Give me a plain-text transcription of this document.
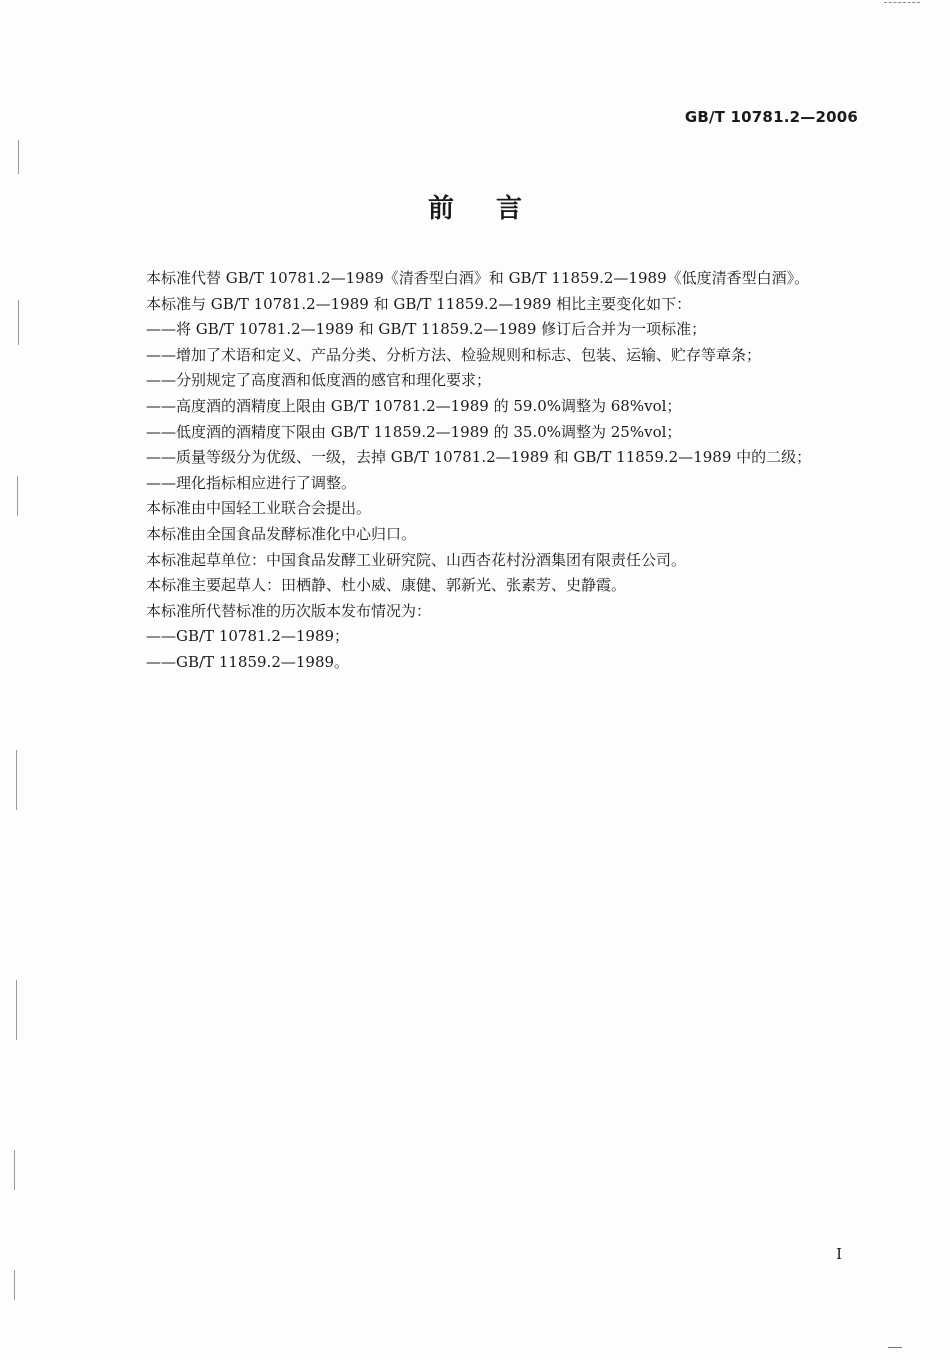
GB/T 10781.2—2006
前言
本标准代替 GB/T 10781.2—1989《清香型白酒》和 GB/T 11859.2—1989《低度清香型白酒》。
本标准与 GB/T 10781.2—1989 和 GB/T 11859.2—1989 相比主要变化如下：
——将 GB/T 10781.2—1989 和 GB/T 11859.2—1989 修订后合并为一项标准；
——增加了术语和定义、产品分类、分析方法、检验规则和标志、包装、运输、贮存等章条；
——分别规定了高度酒和低度酒的感官和理化要求；
——高度酒的酒精度上限由 GB/T 10781.2—1989 的 59.0%调整为 68%vol；
——低度酒的酒精度下限由 GB/T 11859.2—1989 的 35.0%调整为 25%vol；
——质量等级分为优级、一级，去掉 GB/T 10781.2—1989 和 GB/T 11859.2—1989 中的二级；
——理化指标相应进行了调整。
本标准由中国轻工业联合会提出。
本标准由全国食品发酵标准化中心归口。
本标准起草单位：中国食品发酵工业研究院、山西杏花村汾酒集团有限责任公司。
本标准主要起草人：田栖静、杜小威、康健、郭新光、张素芳、史静霞。
本标准所代替标准的历次版本发布情况为：
——GB/T 10781.2—1989；
——GB/T 11859.2—1989。
I
